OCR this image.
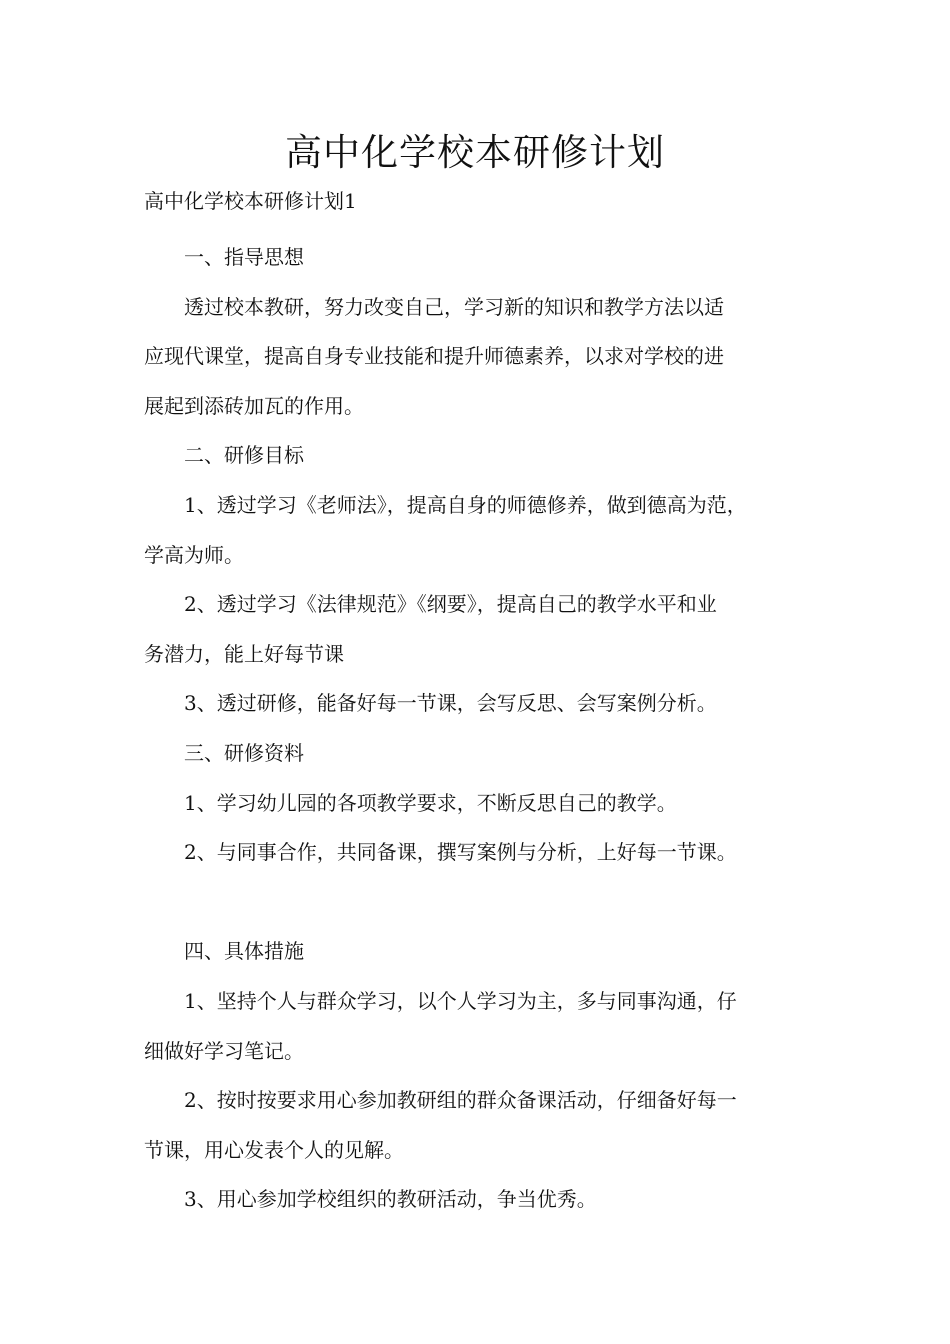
高中化学校本研修计划
高中化学校本研修计划1

一、指导思想

透过校本教研，努力改变自己，学习新的知识和教学方法以适

应现代课堂，提高自身专业技能和提升师德素养，以求对学校的进

展起到添砖加瓦的作用。

二、研修目标

1、透过学习《老师法》，提高自身的师德修养，做到德高为范，

学高为师。

2、透过学习《法律规范》《纲要》，提高自己的教学水平和业

务潜力，能上好每节课

3、透过研修，能备好每一节课，会写反思、会写案例分析。

三、研修资料

1、学习幼儿园的各项教学要求，不断反思自己的教学。

2、与同事合作，共同备课，撰写案例与分析，上好每一节课。

四、具体措施

1、坚持个人与群众学习，以个人学习为主，多与同事沟通，仔

细做好学习笔记。

2、按时按要求用心参加教研组的群众备课活动，仔细备好每一

节课，用心发表个人的见解。

3、用心参加学校组织的教研活动，争当优秀。
